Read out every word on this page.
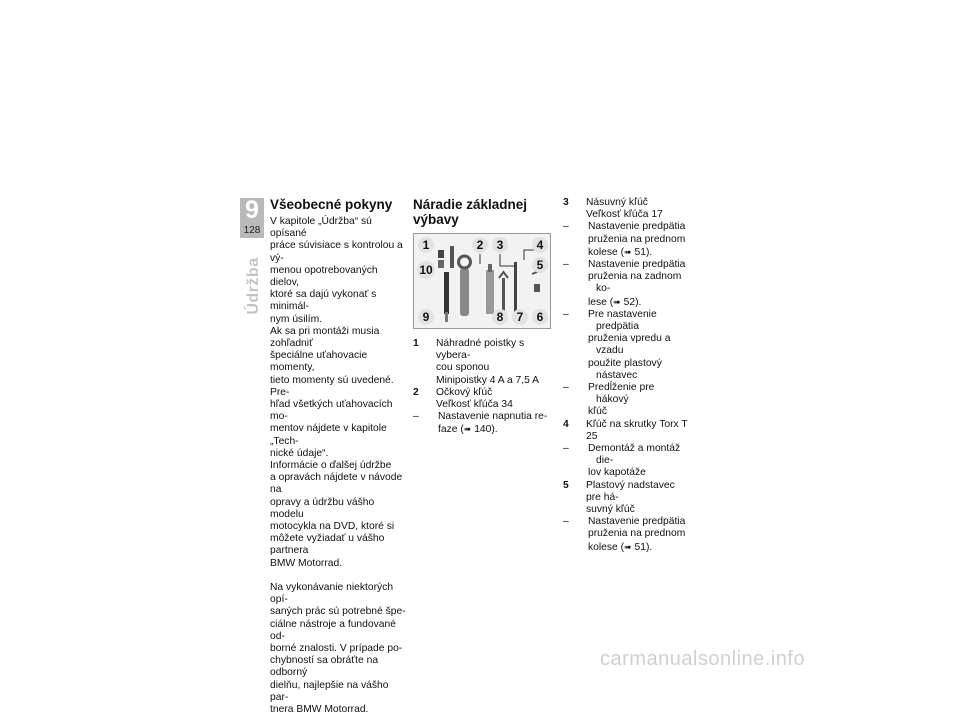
9
128
Údržba
Všeobecné pokyny
V kapitole „Údržba“ sú opísané
práce súvisiace s kontrolou a vý-
menou opotrebovaných dielov,
ktoré sa dajú vykonať s minimál-
nym úsilím.
Ak sa pri montáži musia zohľadniť
špeciálne uťahovacie momenty,
tieto momenty sú uvedené. Pre-
hľad všetkých uťahovacích mo-
mentov nájdete v kapitole „Tech-
nické údaje“.
Informácie o ďalšej údržbe
a opravách nájdete v návode na
opravy a údržbu vášho modelu
motocykla na DVD, ktoré si
môžete vyžiadať u vášho partnera
BMW Motorrad.
Na vykonávanie niektorých opí-
saných prác sú potrebné špe-
ciálne nástroje a fundované od-
borné znalosti. V prípade po-
chybností sa obráťte na odborný
dielňu, najlepšie na vášho par-
tnera BMW Motorrad.
Náradie základnej
výbavy
1	2 3	4
5
6
7
8
9
10
1 Náhradné poistky s vybera-
cou sponou
Minipoistky 4 A a 7,5 A
2 Očkový kľúč
Veľkosť kľúča 34
– Nastavenie napnutia re-
faze (➠ 140).
3 Násuvný kľúč
Veľkosť kľúča 17
– Nastavenie predpätia
pruženia na prednom
kolese (➠ 51).
– Nastavenie predpätia
pruženia na zadnom ko-
lese (➠ 52).
– Pre nastavenie predpätia
pruženia vpredu a vzadu
použite plastový nástavec
– Predĺženie pre hákový
kľúč
4 Kľúč na skrutky Torx T 25
– Demontáž a montáž die-
lov kapotáže
5 Plastový nadstavec pre há-
suvný kľúč
– Nastavenie predpätia
pruženia na prednom
kolese (➠ 51).
carmanualsonline.info
